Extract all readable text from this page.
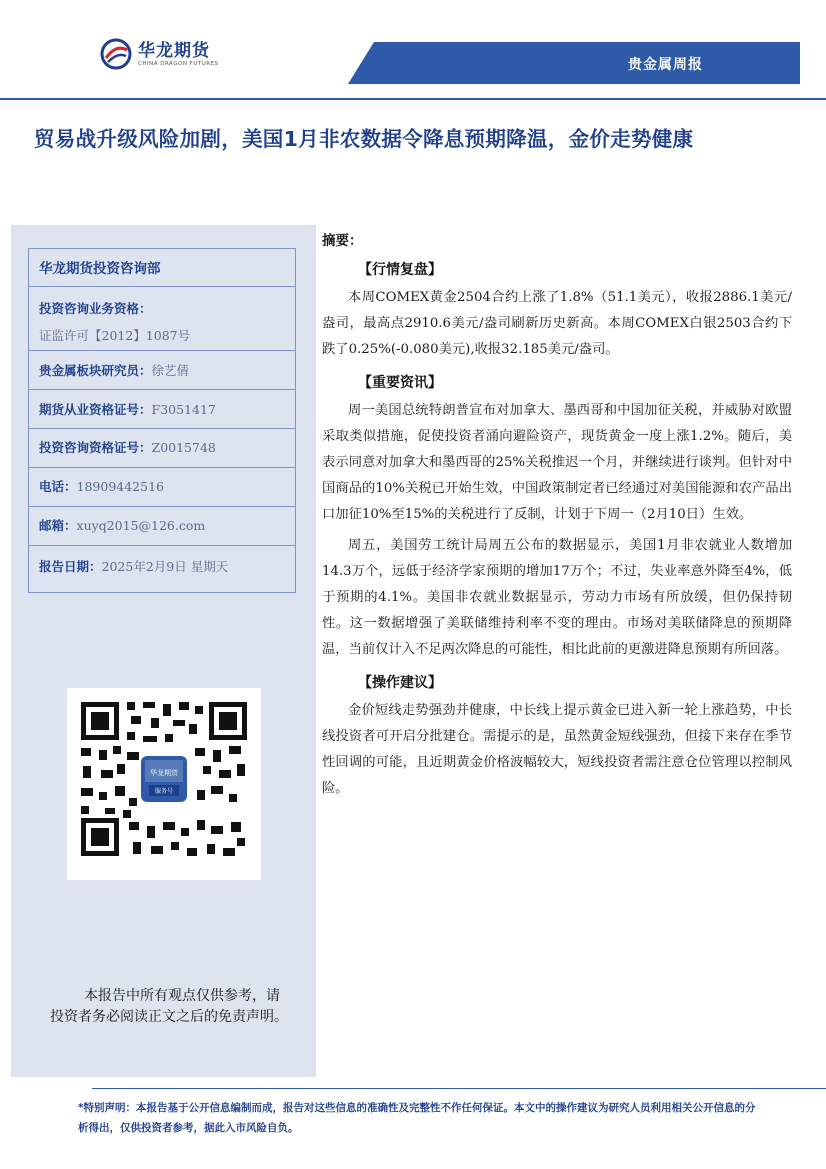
华龙期货
CHINA DRAGON FUTURES	贵金属周报
贸易战升级风险加剧，美国1月非农数据令降息预期降温，金价走势健康
华龙期货投资咨询部
投资咨询业务资格：
证监许可【2012】1087号
贵金属板块研究员：徐艺倩
期货从业资格证号：F3051417
投资咨询资格证号：Z0015748
电话：18909442516
邮箱：xuyq2015@126.com
报告日期：2025年2月9日 星期天
华龙期货
服务号
本报告中所有观点仅供参考，请投资者务必阅读正文之后的免责声明。
摘要：
【行情复盘】

本周COMEX黄金2504合约上涨了1.8%（51.1美元），收报2886.1美元/盎司，最高点2910.6美元/盎司刷新历史新高。本周COMEX白银2503合约下跌了0.25%(-0.080美元),收报32.185美元/盎司。

【重要资讯】

周一美国总统特朗普宣布对加拿大、墨西哥和中国加征关税，并威胁对欧盟采取类似措施，促使投资者涌向避险资产，现货黄金一度上涨1.2%。随后，美表示同意对加拿大和墨西哥的25%关税推迟一个月，并继续进行谈判。但针对中国商品的10%关税已开始生效，中国政策制定者已经通过对美国能源和农产品出口加征10%至15%的关税进行了反制，计划于下周一（2月10日）生效。

周五，美国劳工统计局周五公布的数据显示，美国1月非农就业人数增加14.3万个，远低于经济学家预期的增加17万个；不过，失业率意外降至4%，低于预期的4.1%。美国非农就业数据显示，劳动力市场有所放缓，但仍保持韧性。这一数据增强了美联储维持利率不变的理由。市场对美联储降息的预期降温，当前仅计入不足两次降息的可能性，相比此前的更激进降息预期有所回落。

【操作建议】

金价短线走势强劲并健康，中长线上提示黄金已进入新一轮上涨趋势，中长线投资者可开启分批建仓。需提示的是，虽然黄金短线强劲，但接下来存在季节性回调的可能，且近期黄金价格波幅较大，短线投资者需注意仓位管理以控制风险。

*特别声明：本报告基于公开信息编制而成，报告对这些信息的准确性及完整性不作任何保证。本文中的操作建议为研究人员利用相关公开信息的分析得出，仅供投资者参考，据此入市风险自负。
